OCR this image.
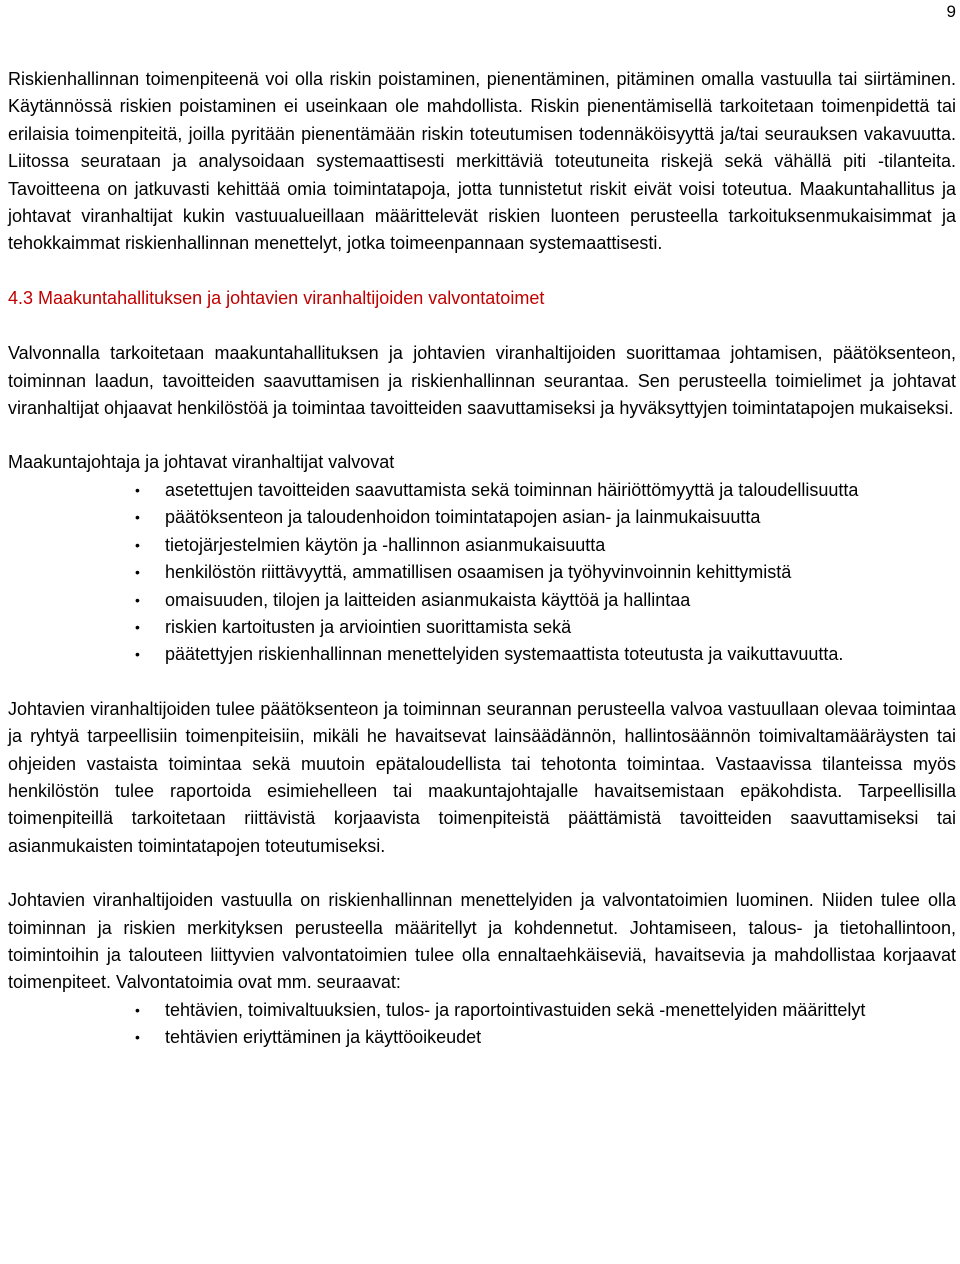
9

Riskienhallinnan toimenpiteenä voi olla riskin poistaminen, pienentäminen, pitäminen omalla vastuulla tai siirtäminen. Käytännössä riskien poistaminen ei useinkaan ole mahdollista. Riskin pienentämisellä tarkoitetaan toimenpidettä tai erilaisia toimenpiteitä, joilla pyritään pienentämään riskin toteutumisen todennäköisyyttä ja/tai seurauksen vakavuutta. Liitossa seurataan ja analysoidaan systemaattisesti merkittäviä toteutuneita riskejä sekä vähällä piti -tilanteita. Tavoitteena on jatkuvasti kehittää omia toimintatapoja, jotta tunnistetut riskit eivät voisi toteutua. Maakuntahallitus ja johtavat viranhaltijat kukin vastuualueillaan määrittelevät riskien luonteen perusteella tarkoituksenmukaisimmat ja tehokkaimmat riskienhallinnan menettelyt, jotka toimeenpannaan systemaattisesti.

4.3 Maakuntahallituksen ja johtavien viranhaltijoiden valvontatoimet

Valvonnalla tarkoitetaan maakuntahallituksen ja johtavien viranhaltijoiden suorittamaa johtamisen, päätöksenteon, toiminnan laadun, tavoitteiden saavuttamisen ja riskienhallinnan seurantaa. Sen perusteella toimielimet ja johtavat viranhaltijat ohjaavat henkilöstöä ja toimintaa tavoitteiden saavuttamiseksi ja hyväksyttyjen toimintatapojen mukaiseksi.

Maakuntajohtaja ja johtavat viranhaltijat valvovat

• asetettujen tavoitteiden saavuttamista sekä toiminnan häiriöttömyyttä ja taloudellisuutta
• päätöksenteon ja taloudenhoidon toimintatapojen asian- ja lainmukaisuutta
• tietojärjestelmien käytön ja -hallinnon asianmukaisuutta
• henkilöstön riittävyyttä, ammatillisen osaamisen ja työhyvinvoinnin kehittymistä
• omaisuuden, tilojen ja laitteiden asianmukaista käyttöä ja hallintaa
• riskien kartoitusten ja arviointien suorittamista sekä
• päätettyjen riskienhallinnan menettelyiden systemaattista toteutusta ja vaikuttavuutta.

Johtavien viranhaltijoiden tulee päätöksenteon ja toiminnan seurannan perusteella valvoa vastuullaan olevaa toimintaa ja ryhtyä tarpeellisiin toimenpiteisiin, mikäli he havaitsevat lainsäädännön, hallintosäännön toimivaltamääräysten tai ohjeiden vastaista toimintaa sekä muutoin epätaloudellista tai tehotonta toimintaa. Vastaavissa tilanteissa myös henkilöstön tulee raportoida esimiehelleen tai maakuntajohtajalle havaitsemistaan epäkohdista. Tarpeellisilla toimenpiteillä tarkoitetaan riittävistä korjaavista toimenpiteistä päättämistä tavoitteiden saavuttamiseksi tai asianmukaisten toimintatapojen toteutumiseksi.

Johtavien viranhaltijoiden vastuulla on riskienhallinnan menettelyiden ja valvontatoimien luominen. Niiden tulee olla toiminnan ja riskien merkityksen perusteella määritellyt ja kohdennetut. Johtamiseen, talous- ja tietohallintoon, toimintoihin ja talouteen liittyvien valvontatoimien tulee olla ennaltaehkäiseviä, havaitsevia ja mahdollistaa korjaavat toimenpiteet. Valvontatoimia ovat mm. seuraavat:

• tehtävien, toimivaltuuksien, tulos- ja raportointivastuiden sekä -menettelyiden määrittelyt
• tehtävien eriyttäminen ja käyttöoikeudet
